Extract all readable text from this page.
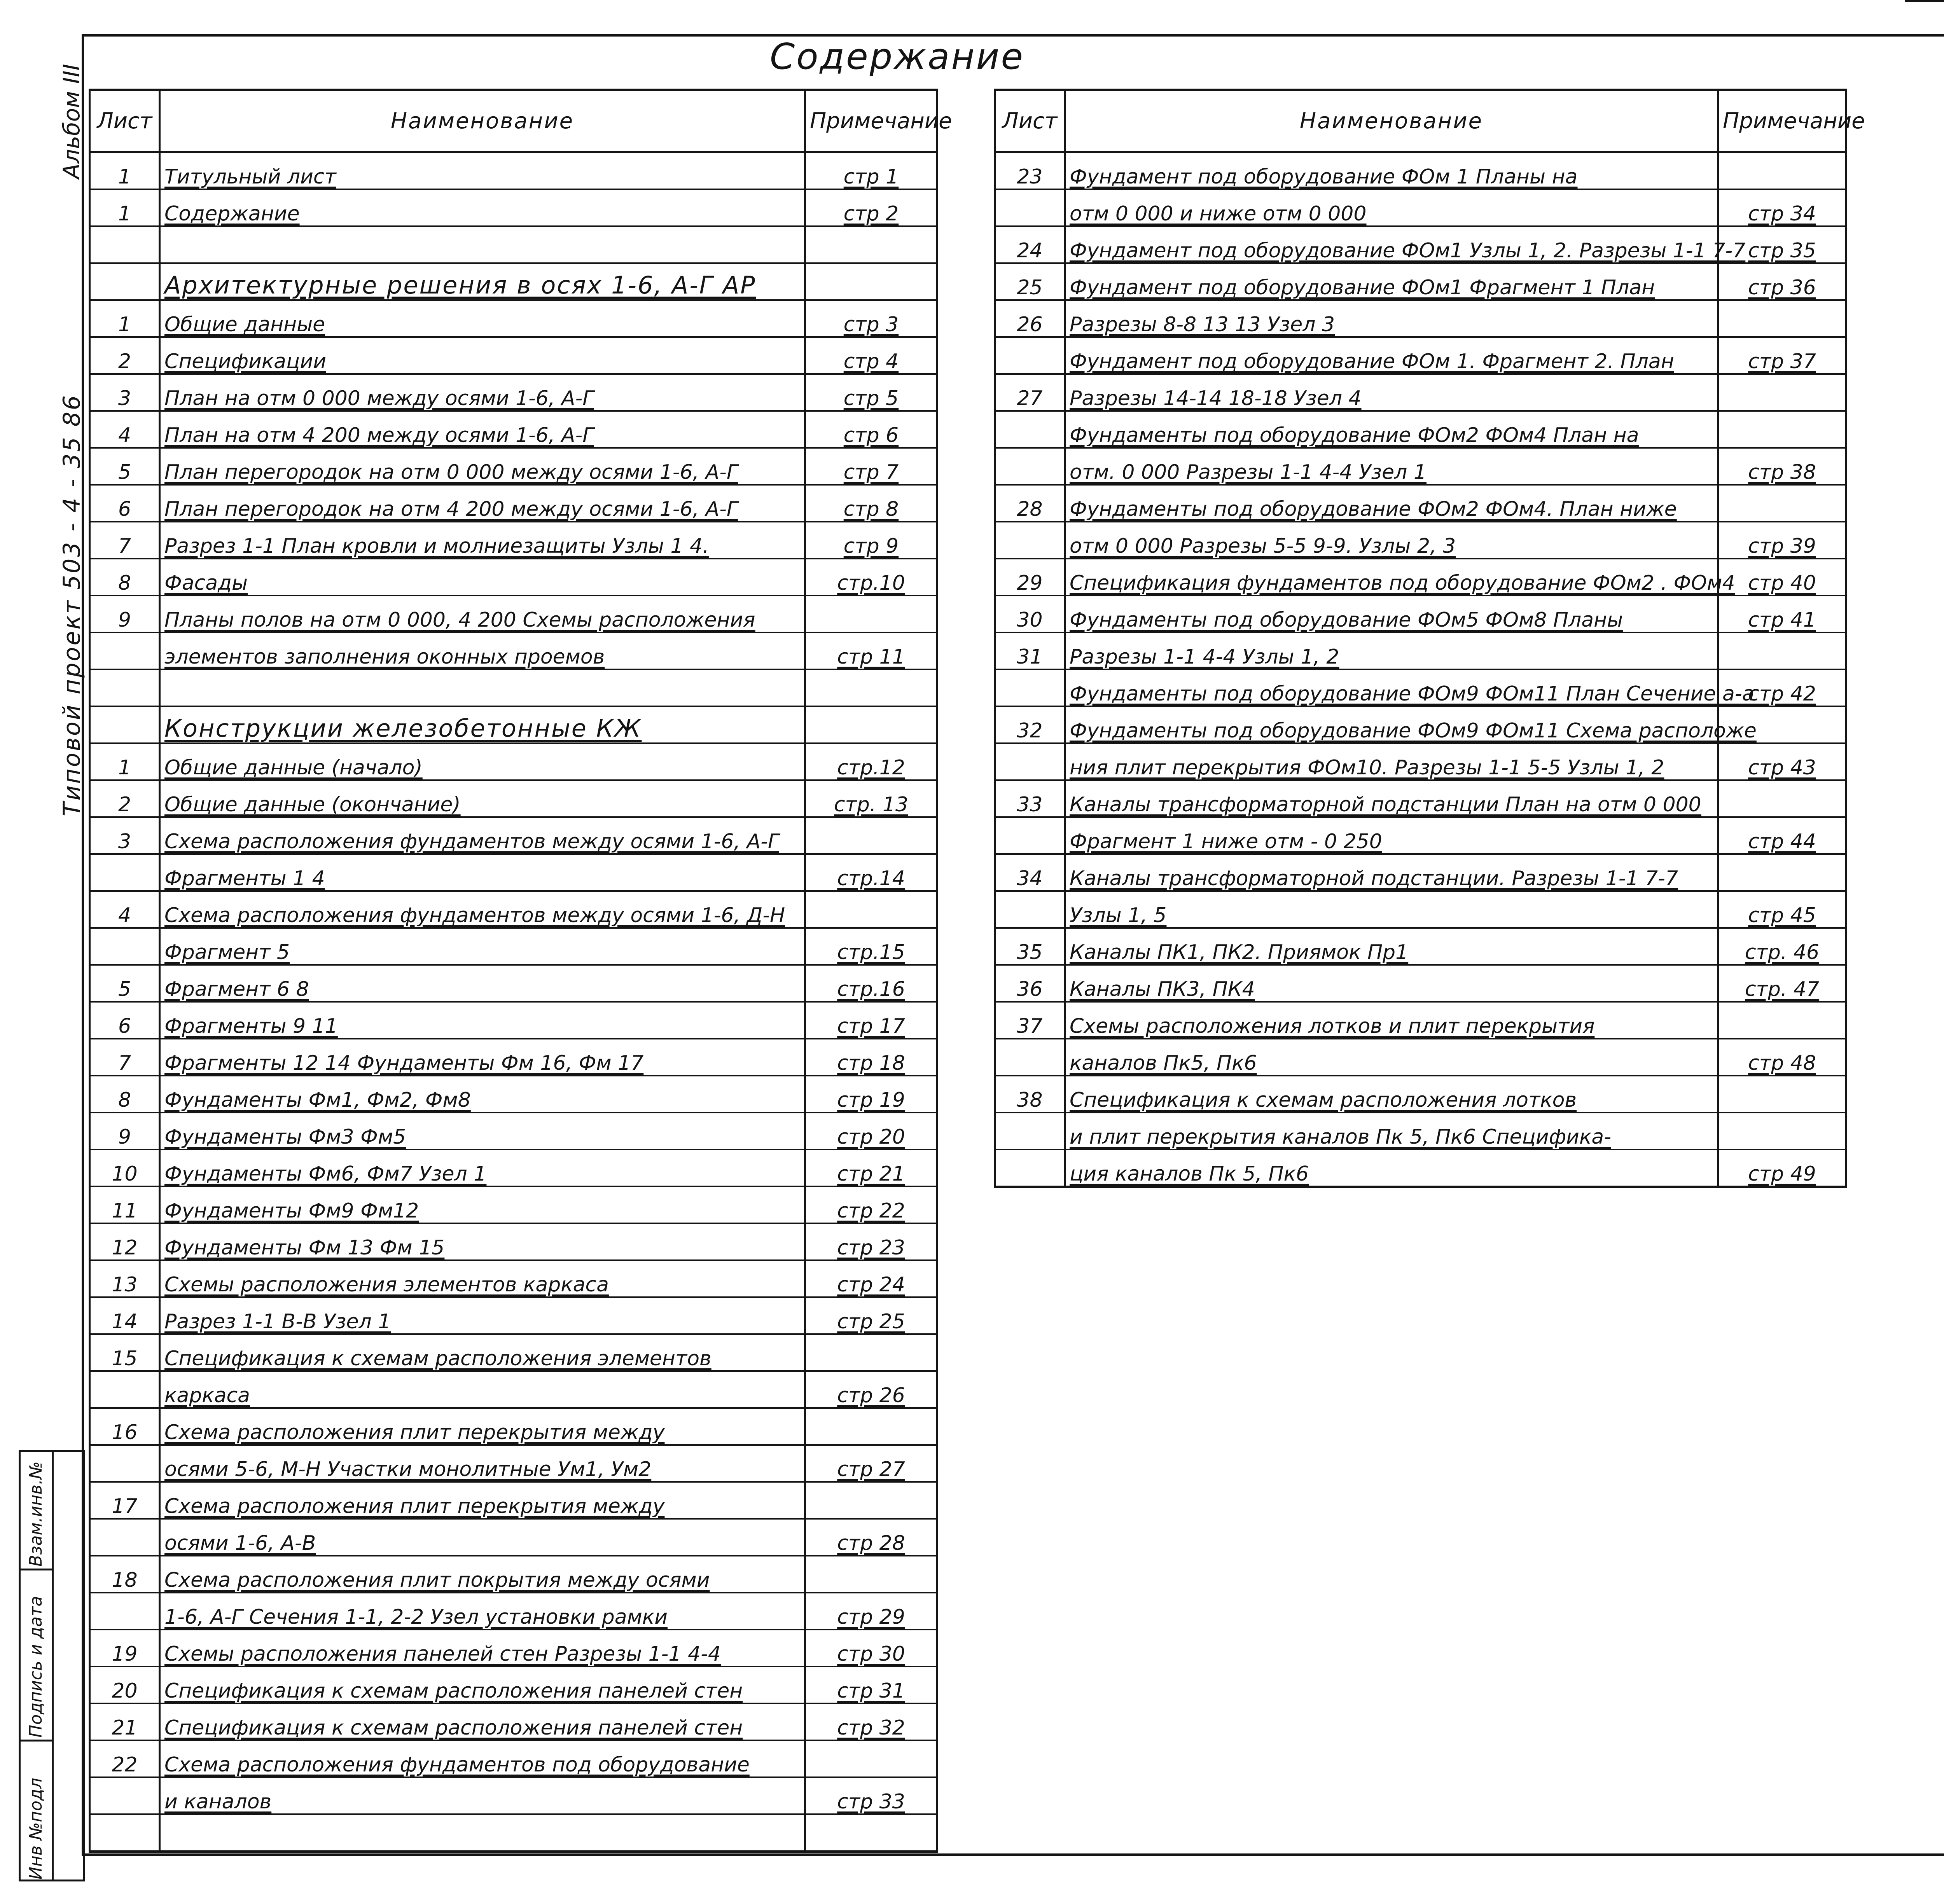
Альбом III
Типовой проект 503 - 4 - 35 86
Инв №подл
Подпись и дата
Взам.инв.№
Содержание
Лист	Наименование	Примечание
1	Титульный лист	стр 1
1	Содержание	стр 2

	Архитектурные решения в осях 1-6, А-Г АР	
1	Общие данные	стр 3
2	Спецификации	стр 4
3	План на отм 0 000 между осями 1-6, А-Г	стр 5
4	План на отм 4 200 между осями 1-6, А-Г	стр 6
5	План перегородок на отм 0 000 между осями 1-6, А-Г	стр 7
6	План перегородок на отм 4 200 между осями 1-6, А-Г	стр 8
7	Разрез 1-1 План кровли и молниезащиты Узлы 1 4.	стр 9
8	Фасады	стр.10
9	Планы полов на отм 0 000, 4 200 Схемы расположения	
	элементов заполнения оконных проемов	стр 11

	Конструкции железобетонные КЖ	
1	Общие данные (начало)	стр.12
2	Общие данные (окончание)	стр. 13
3	Схема расположения фундаментов между осями 1-6, А-Г	
	Фрагменты 1 4	стр.14
4	Схема расположения фундаментов между осями 1-6, Д-Н	
	Фрагмент 5	стр.15
5	Фрагмент 6 8	стр.16
6	Фрагменты 9 11	стр 17
7	Фрагменты 12 14 Фундаменты Фм 16, Фм 17	стр 18
8	Фундаменты Фм1, Фм2, Фм8	стр 19
9	Фундаменты Фм3 Фм5	стр 20
10	Фундаменты Фм6, Фм7 Узел 1	стр 21
11	Фундаменты Фм9 Фм12	стр 22
12	Фундаменты Фм 13 Фм 15	стр 23
13	Схемы расположения элементов каркаса	стр 24
14	Разрез 1-1 В-В Узел 1	стр 25
15	Спецификация к схемам расположения элементов	
	каркаса	стр 26
16	Схема расположения плит перекрытия между	
	осями 5-6, М-Н Участки монолитные Ум1, Ум2	стр 27
17	Схема расположения плит перекрытия между	
	осями 1-6, А-В	стр 28
18	Схема расположения плит покрытия между осями	
	1-6, А-Г Сечения 1-1, 2-2 Узел установки рамки	стр 29
19	Схемы расположения панелей стен Разрезы 1-1 4-4	стр 30
20	Спецификация к схемам расположения панелей стен	стр 31
21	Спецификация к схемам расположения панелей стен	стр 32
22	Схема расположения фундаментов под оборудование	
	и каналов	стр 33

Лист	Наименование	Примечание
23	Фундамент под оборудование ФОм 1 Планы на	
	отм 0 000 и ниже отм 0 000	стр 34
24	Фундамент под оборудование ФОм1 Узлы 1, 2. Разрезы 1-1 7-7	стр 35
25	Фундамент под оборудование ФОм1 Фрагмент 1 План	стр 36
26	Разрезы 8-8 13 13 Узел 3	
	Фундамент под оборудование ФОм 1. Фрагмент 2. План	стр 37
27	Разрезы 14-14 18-18 Узел 4	
	Фундаменты под оборудование ФОм2 ФОм4 План на	
	отм. 0 000 Разрезы 1-1 4-4 Узел 1	стр 38
28	Фундаменты под оборудование ФОм2 ФОм4. План ниже	
	отм 0 000 Разрезы 5-5 9-9. Узлы 2, 3	стр 39
29	Спецификация фундаментов под оборудование ФОм2 . ФОм4	стр 40
30	Фундаменты под оборудование ФОм5 ФОм8 Планы	стр 41
31	Разрезы 1-1 4-4 Узлы 1, 2	
	Фундаменты под оборудование ФОм9 ФОм11 План Сечение а-а	стр 42
32	Фундаменты под оборудование ФОм9 ФОм11 Схема расположе	
	ния плит перекрытия ФОм10. Разрезы 1-1 5-5 Узлы 1, 2	стр 43
33	Каналы трансформаторной подстанции План на отм 0 000	
	Фрагмент 1 ниже отм - 0 250	стр 44
34	Каналы трансформаторной подстанции. Разрезы 1-1 7-7	
	Узлы 1, 5	стр 45
35	Каналы ПК1, ПК2. Приямок Пр1	стр. 46
36	Каналы ПК3, ПК4	стр. 47
37	Схемы расположения лотков и плит перекрытия	
	каналов Пк5, Пк6	стр 48
38	Спецификация к схемам расположения лотков	
	и плит перекрытия каналов Пк 5, Пк6 Спецификa-	
	ция каналов Пк 5, Пк6	стр 49
